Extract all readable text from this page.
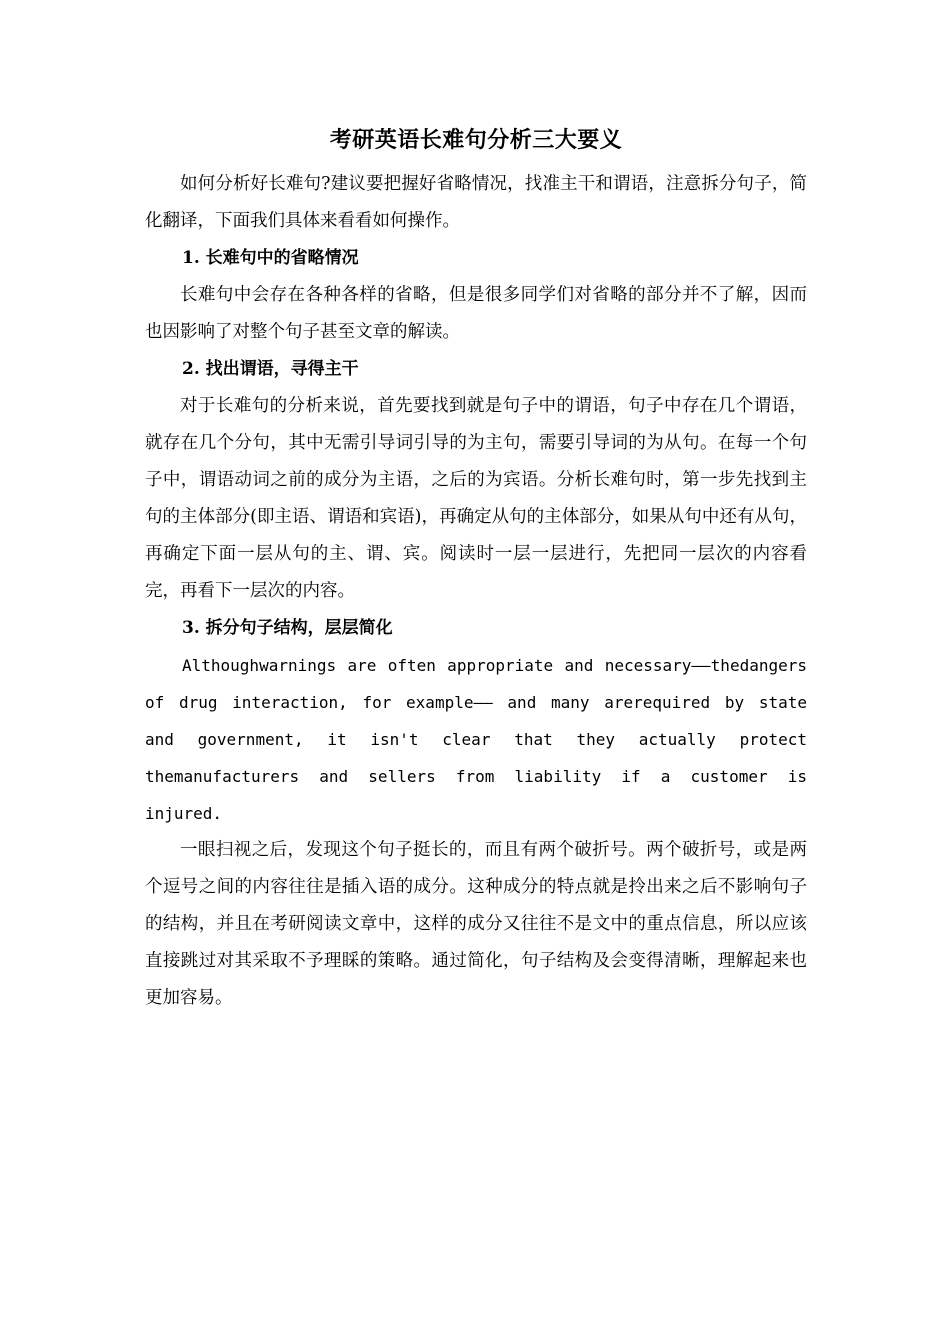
考研英语长难句分析三大要义

如何分析好长难句?建议要把握好省略情况，找准主干和谓语，注意拆分句子，简化翻译，下面我们具体来看看如何操作。

1. 长难句中的省略情况

长难句中会存在各种各样的省略，但是很多同学们对省略的部分并不了解，因而也因影响了对整个句子甚至文章的解读。

2. 找出谓语，寻得主干

对于长难句的分析来说，首先要找到就是句子中的谓语，句子中存在几个谓语，就存在几个分句，其中无需引导词引导的为主句，需要引导词的为从句。在每一个句子中，谓语动词之前的成分为主语，之后的为宾语。分析长难句时，第一步先找到主句的主体部分(即主语、谓语和宾语)，再确定从句的主体部分，如果从句中还有从句，再确定下面一层从句的主、谓、宾。阅读时一层一层进行，先把同一层次的内容看完，再看下一层次的内容。

3. 拆分句子结构，层层简化

Althoughwarnings are often appropriate and necessary——thedangers of drug interaction, for example—— and many arerequired by state and government, it isn't clear that they actually protect themanufacturers and sellers from liability if a customer is injured.

一眼扫视之后，发现这个句子挺长的，而且有两个破折号。两个破折号，或是两个逗号之间的内容往往是插入语的成分。这种成分的特点就是拎出来之后不影响句子的结构，并且在考研阅读文章中，这样的成分又往往不是文中的重点信息，所以应该直接跳过对其采取不予理睬的策略。通过简化，句子结构及会变得清晰，理解起来也更加容易。
